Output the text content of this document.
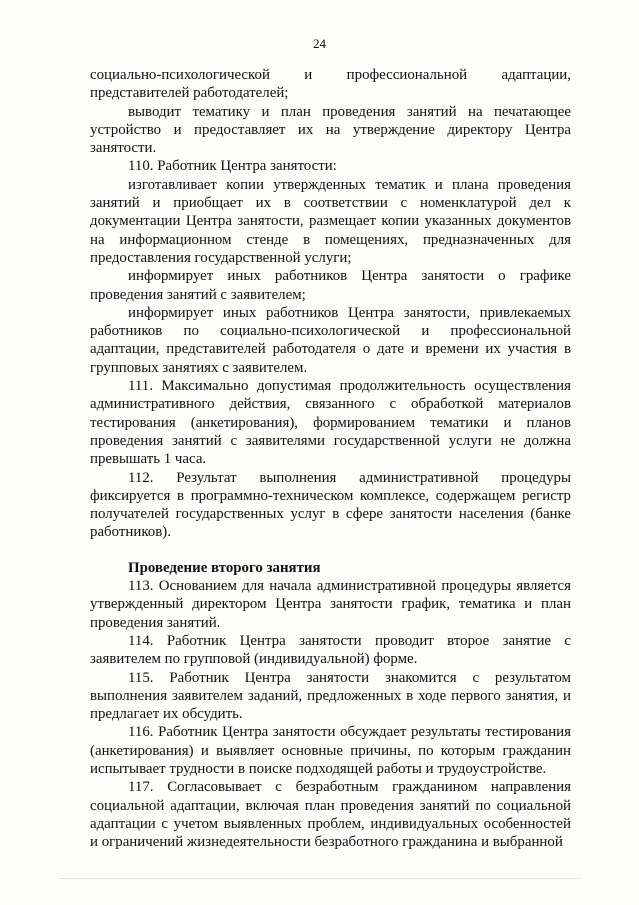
24

социально-психологической и профессиональной адаптации, представителей работодателей;

выводит тематику и план проведения занятий на печатающее устройство и предоставляет их на утверждение директору Центра занятости.

110. Работник Центра занятости:

изготавливает копии утвержденных тематик и плана проведения занятий и приобщает их в соответствии с номенклатурой дел к документации Центра занятости, размещает копии указанных документов на информационном стенде в помещениях, предназначенных для предоставления государственной услуги;

информирует иных работников Центра занятости о графике проведения занятий с заявителем;

информирует иных работников Центра занятости, привлекаемых работников по социально-психологической и профессиональной адаптации, представителей работодателя о дате и времени их участия в групповых занятиях с заявителем.

111. Максимально допустимая продолжительность осуществления административного действия, связанного с обработкой материалов тестирования (анкетирования), формированием тематики и планов проведения занятий с заявителями государственной услуги не должна превышать 1 часа.

112. Результат выполнения административной процедуры фиксируется в программно-техническом комплексе, содержащем регистр получателей государственных услуг в сфере занятости населения (банке работников).

Проведение второго занятия

113. Основанием для начала административной процедуры является утвержденный директором Центра занятости график, тематика и план проведения занятий.

114. Работник Центра занятости проводит второе занятие с заявителем по групповой (индивидуальной) форме.

115. Работник Центра занятости знакомится с результатом выполнения заявителем заданий, предложенных в ходе первого занятия, и предлагает их обсудить.

116. Работник Центра занятости обсуждает результаты тестирования (анкетирования) и выявляет основные причины, по которым гражданин испытывает трудности в поиске подходящей работы и трудоустройстве.

117. Согласовывает с безработным гражданином направления социальной адаптации, включая план проведения занятий по социальной адаптации с учетом выявленных проблем, индивидуальных особенностей и ограничений жизнедеятельности безработного гражданина и выбранной
